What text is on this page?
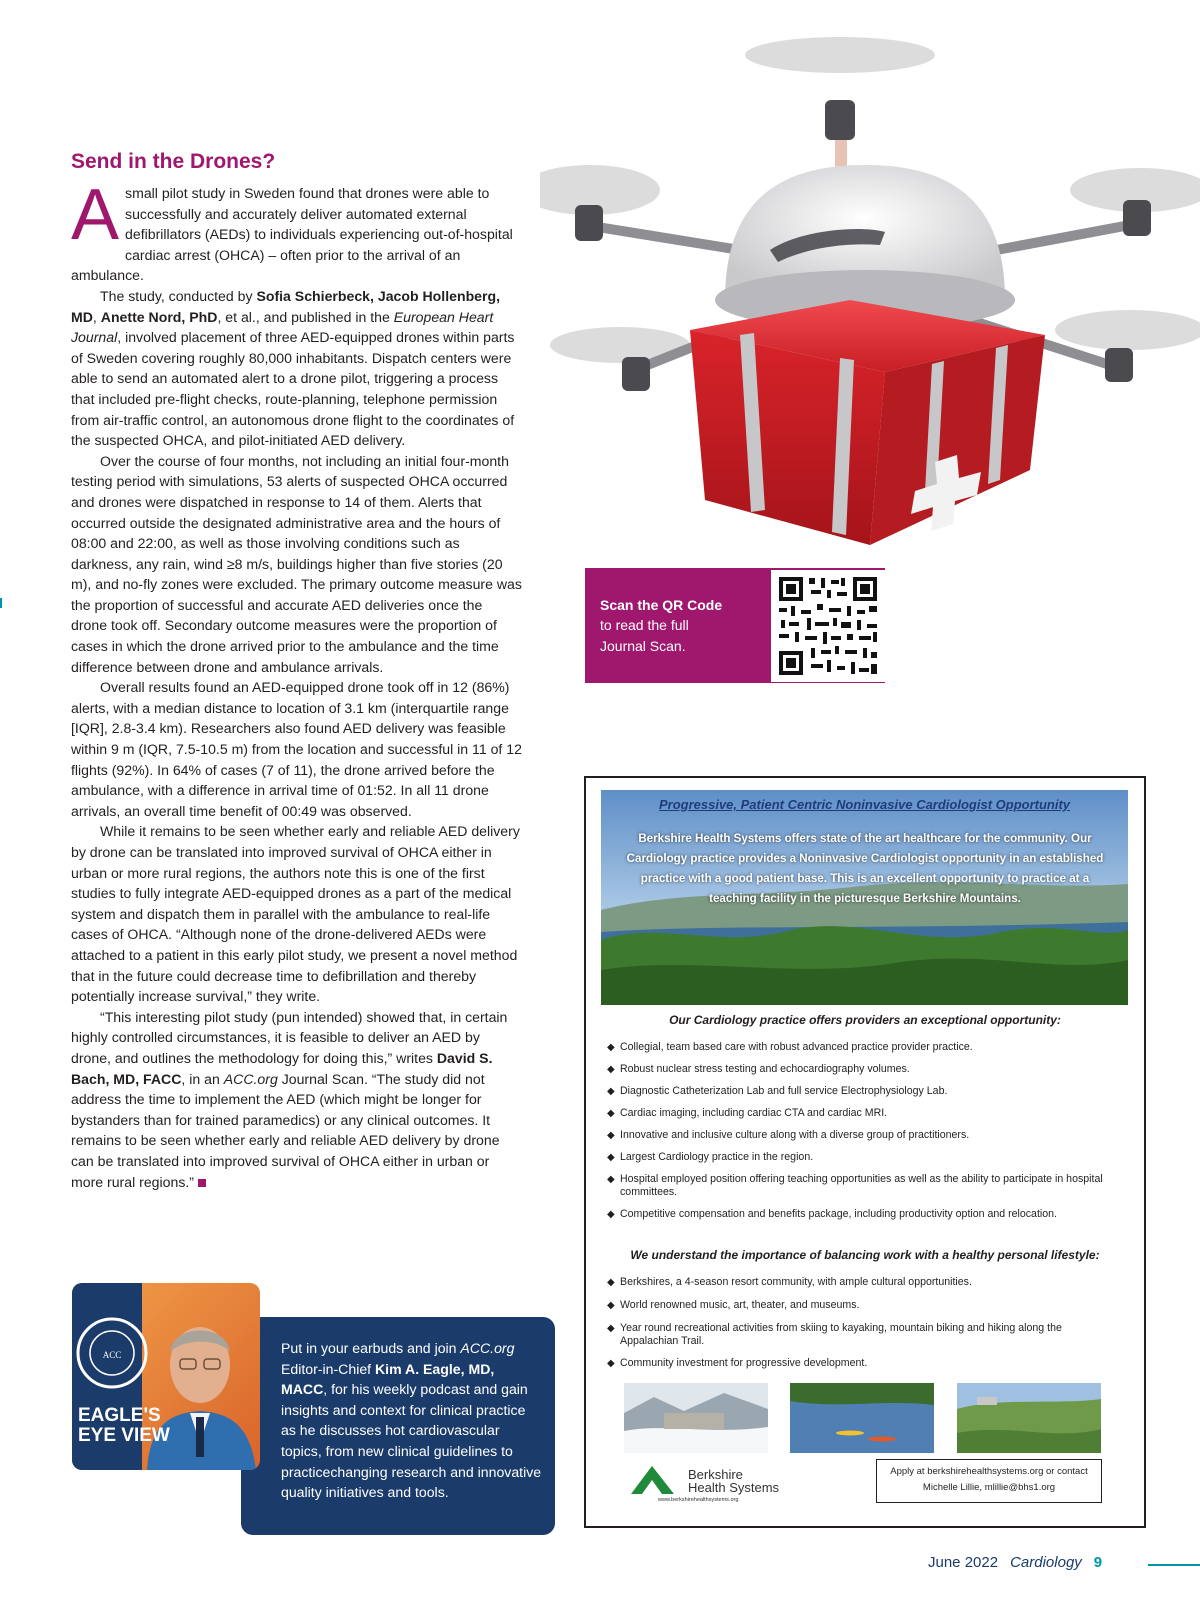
Send in the Drones?

Asmall pilot study in Sweden found that drones were able to successfully and accurately deliver automated external defibrillators (AEDs) to individuals experiencing out-of-hospital cardiac arrest (OHCA) – often prior to the arrival of an ambulance.

The study, conducted by Sofia Schierbeck, Jacob Hollenberg, MD, Anette Nord, PhD, et al., and published in the European Heart Journal, involved placement of three AED-equipped drones within parts of Sweden covering roughly 80,000 inhabitants. Dispatch centers were able to send an automated alert to a drone pilot, triggering a process that included pre-flight checks, route-planning, telephone permission from air-traffic control, an autonomous drone flight to the coordinates of the suspected OHCA, and pilot-initiated AED delivery.

Over the course of four months, not including an initial four-month testing period with simulations, 53 alerts of suspected OHCA occurred and drones were dispatched in response to 14 of them. Alerts that occurred outside the designated administrative area and the hours of 08:00 and 22:00, as well as those involving conditions such as darkness, any rain, wind ≥8 m/s, buildings higher than five stories (20 m), and no-fly zones were excluded. The primary outcome measure was the proportion of successful and accurate AED deliveries once the drone took off. Secondary outcome measures were the proportion of cases in which the drone arrived prior to the ambulance and the time difference between drone and ambulance arrivals.

Overall results found an AED-equipped drone took off in 12 (86%) alerts, with a median distance to location of 3.1 km (interquartile range [IQR], 2.8-3.4 km). Researchers also found AED delivery was feasible within 9 m (IQR, 7.5-10.5 m) from the location and successful in 11 of 12 flights (92%). In 64% of cases (7 of 11), the drone arrived before the ambulance, with a difference in arrival time of 01:52. In all 11 drone arrivals, an overall time benefit of 00:49 was observed.

While it remains to be seen whether early and reliable AED delivery by drone can be translated into improved survival of OHCA either in urban or more rural regions, the authors note this is one of the first studies to fully integrate AED-equipped drones as a part of the medical system and dispatch them in parallel with the ambulance to real-life cases of OHCA. “Although none of the drone-delivered AEDs were attached to a patient in this early pilot study, we present a novel method that in the future could decrease time to defibrillation and thereby potentially increase survival,” they write.

“This interesting pilot study (pun intended) showed that, in certain highly controlled circumstances, it is feasible to deliver an AED by drone, and outlines the methodology for doing this,” writes David S. Bach, MD, FACC, in an ACC.org Journal Scan. “The study did not address the time to implement the AED (which might be longer for bystanders than for trained paramedics) or any clinical outcomes. It remains to be seen whether early and reliable AED delivery by drone can be translated into improved survival of OHCA either in urban or more rural regions.”

Scan the QR Code
to read the full
Journal Scan.
ACC
EAGLE'S
EYE VIEW
Put in your earbuds and join ACC.org Editor-in-Chief Kim A. Eagle, MD, MACC, for his weekly podcast and gain insights and context for clinical practice as he discusses hot cardiovascular topics, from new clinical guidelines to practicechanging research and innovative quality initiatives and tools.
Progressive, Patient Centric Noninvasive Cardiologist Opportunity
Berkshire Health Systems offers state of the art healthcare for the community. Our Cardiology practice provides a Noninvasive Cardiologist opportunity in an established practice with a good patient base. This is an excellent opportunity to practice at a teaching facility in the picturesque Berkshire Mountains.
Our Cardiology practice offers providers an exceptional opportunity:
◆ Collegial, team based care with robust advanced practice provider practice.
◆ Robust nuclear stress testing and echocardiography volumes.
◆ Diagnostic Catheterization Lab and full service Electrophysiology Lab.
◆ Cardiac imaging, including cardiac CTA and cardiac MRI.
◆ Innovative and inclusive culture along with a diverse group of practitioners.
◆ Largest Cardiology practice in the region.
◆ Hospital employed position offering teaching opportunities as well as the ability to participate in hospital committees.
◆ Competitive compensation and benefits package, including productivity option and relocation.
We understand the importance of balancing work with a healthy personal lifestyle:
◆ Berkshires, a 4-season resort community, with ample cultural opportunities.
◆ World renowned music, art, theater, and museums.
◆ Year round recreational activities from skiing to kayaking, mountain biking and hiking along the Appalachian Trail.
◆ Community investment for progressive development.
Berkshire
Health Systems
www.berkshirehealthsystems.org
Apply at berkshirehealthsystems.org or contact
Michelle Lillie, mlillie@bhs1.org
June 2022 Cardiology 9
